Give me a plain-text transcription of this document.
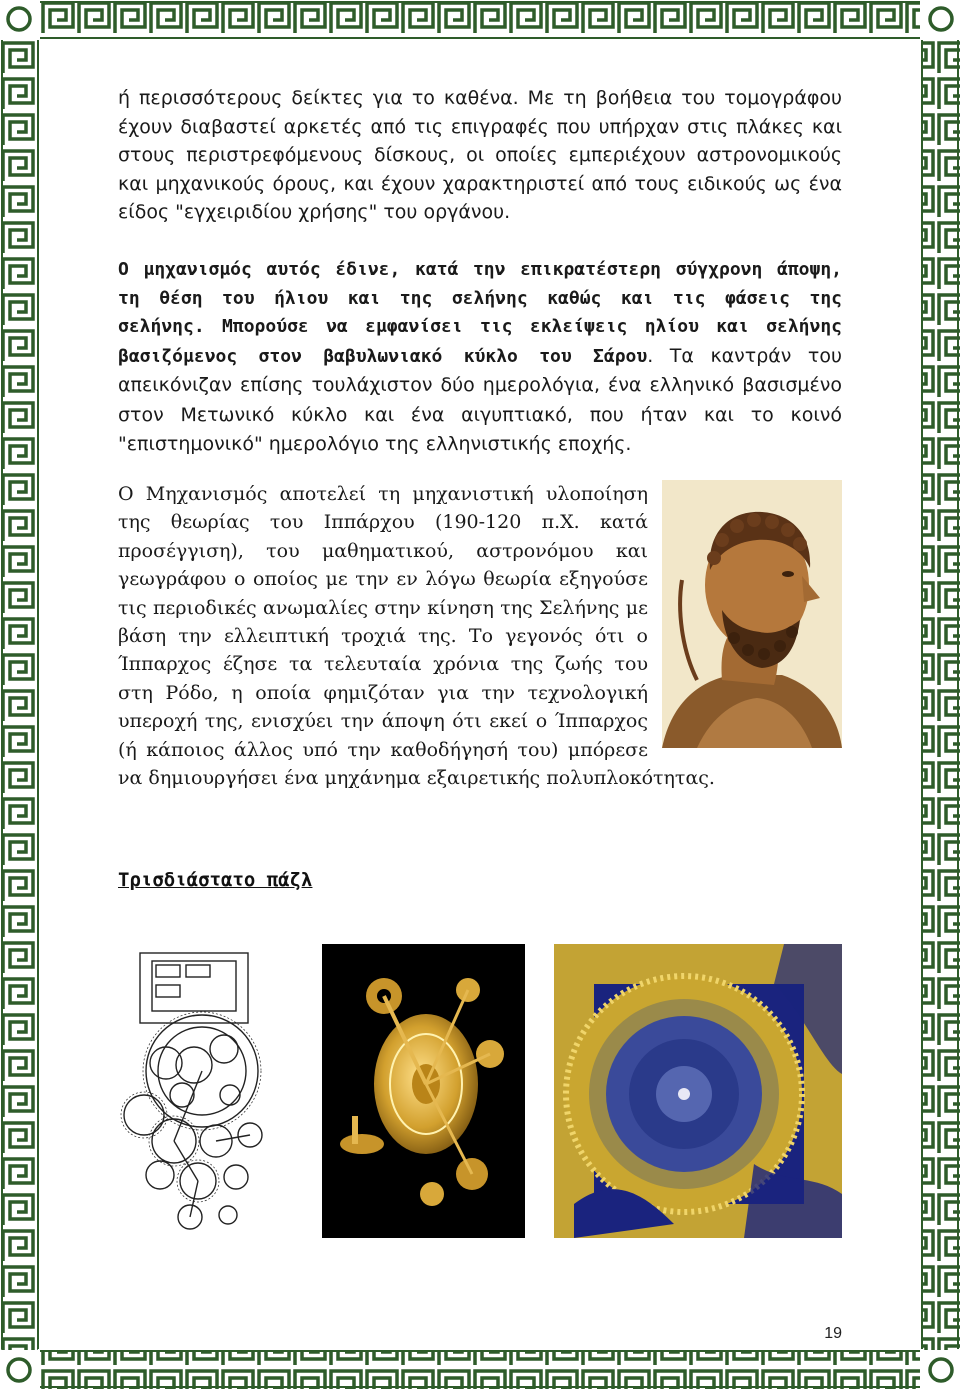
ή περισσότερους δείκτες για το καθένα. Με τη βοήθεια του τομογράφου έχουν διαβαστεί αρκετές από τις επιγραφές που υπήρχαν στις πλάκες και στους περιστρεφόμενους δίσκους, οι οποίες εμπεριέχουν αστρονομικούς και μηχανικούς όρους, και έχουν χαρακτηριστεί από τους ειδικούς ως ένα είδος "εγχειριδίου χρήσης" του οργάνου.

Ο μηχανισμός αυτός έδινε, κατά την επικρατέστερη σύγχρονη άποψη, τη θέση του ήλιου και της σελήνης καθώς και τις φάσεις της σελήνης. Μπορούσε να εμφανίσει τις εκλείψεις ηλίου και σελήνης βασιζόμενος στον βαβυλωνιακό κύκλο του Σάρου. Τα καντράν του απεικόνιζαν επίσης τουλάχιστον δύο ημερολόγια, ένα ελληνικό βασισμένο στον Μετωνικό κύκλο και ένα αιγυπτιακό, που ήταν και το κοινό "επιστημονικό" ημερολόγιο της ελληνιστικής εποχής.

Ο Μηχανισμός αποτελεί τη μηχανιστική υλοποίηση της θεωρίας του Ιππάρχου (190-120 π.Χ. κατά προσέγγιση), του μαθηματικού, αστρονόμου και γεωγράφου ο οποίος με την εν λόγω θεωρία εξηγούσε τις περιοδικές ανωμαλίες στην κίνηση της Σελήνης με βάση την ελλειπτική τροχιά της. Το γεγονός ότι ο Ίππαρχος έζησε τα τελευταία χρόνια της ζωής του στη Ρόδο, η οποία φημιζόταν για την τεχνολογική υπεροχή της, ενισχύει την άποψη ότι εκεί ο Ίππαρχος (ή κάποιος άλλος υπό την καθοδήγησή του) μπόρεσε να δημιουργήσει ένα μηχάνημα εξαιρετικής πολυπλοκότητας.
Τρισδιάστατο πάζλ
19
